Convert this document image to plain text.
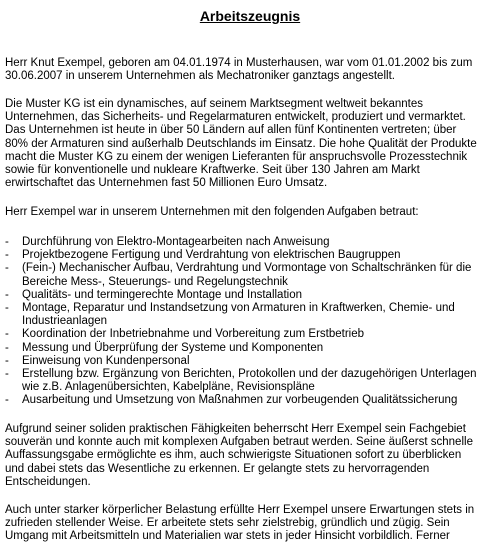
Arbeitszeugnis

Herr Knut Exempel, geboren am 04.01.1974 in Musterhausen, war vom 01.01.2002 bis zum
30.06.2007 in unserem Unternehmen als Mechatroniker ganztags angestellt.

Die Muster KG ist ein dynamisches, auf seinem Marktsegment weltweit bekanntes
Unternehmen, das Sicherheits- und Regelarmaturen entwickelt, produziert und vermarktet.
Das Unternehmen ist heute in über 50 Ländern auf allen fünf Kontinenten vertreten; über
80% der Armaturen sind außerhalb Deutschlands im Einsatz. Die hohe Qualität der Produkte
macht die Muster KG zu einem der wenigen Lieferanten für anspruchsvolle Prozesstechnik
sowie für konventionelle und nukleare Kraftwerke. Seit über 130 Jahren am Markt
erwirtschaftet das Unternehmen fast 50 Millionen Euro Umsatz.

Herr Exempel war in unserem Unternehmen mit den folgenden Aufgaben betraut:

- Durchführung von Elektro-Montagearbeiten nach Anweisung
- Projektbezogene Fertigung und Verdrahtung von elektrischen Baugruppen
- (Fein-) Mechanischer Aufbau, Verdrahtung und Vormontage von Schaltschränken für die
Bereiche Mess-, Steuerungs- und Regelungstechnik
- Qualitäts- und termingerechte Montage und Installation
- Montage, Reparatur und Instandsetzung von Armaturen in Kraftwerken, Chemie- und
Industrieanlagen
- Koordination der Inbetriebnahme und Vorbereitung zum Erstbetrieb
- Messung und Überprüfung der Systeme und Komponenten
- Einweisung von Kundenpersonal
- Erstellung bzw. Ergänzung von Berichten, Protokollen und der dazugehörigen Unterlagen
wie z.B. Anlagenübersichten, Kabelpläne, Revisionspläne
- Ausarbeitung und Umsetzung von Maßnahmen zur vorbeugenden Qualitätssicherung

Aufgrund seiner soliden praktischen Fähigkeiten beherrscht Herr Exempel sein Fachgebiet
souverän und konnte auch mit komplexen Aufgaben betraut werden. Seine äußerst schnelle
Auffassungsgabe ermöglichte es ihm, auch schwierigste Situationen sofort zu überblicken
und dabei stets das Wesentliche zu erkennen. Er gelangte stets zu hervorragenden
Entscheidungen.

Auch unter starker körperlicher Belastung erfüllte Herr Exempel unsere Erwartungen stets in
zufrieden stellender Weise. Er arbeitete stets sehr zielstrebig, gründlich und zügig. Sein
Umgang mit Arbeitsmitteln und Materialien war stets in jeder Hinsicht vorbildlich. Ferner
